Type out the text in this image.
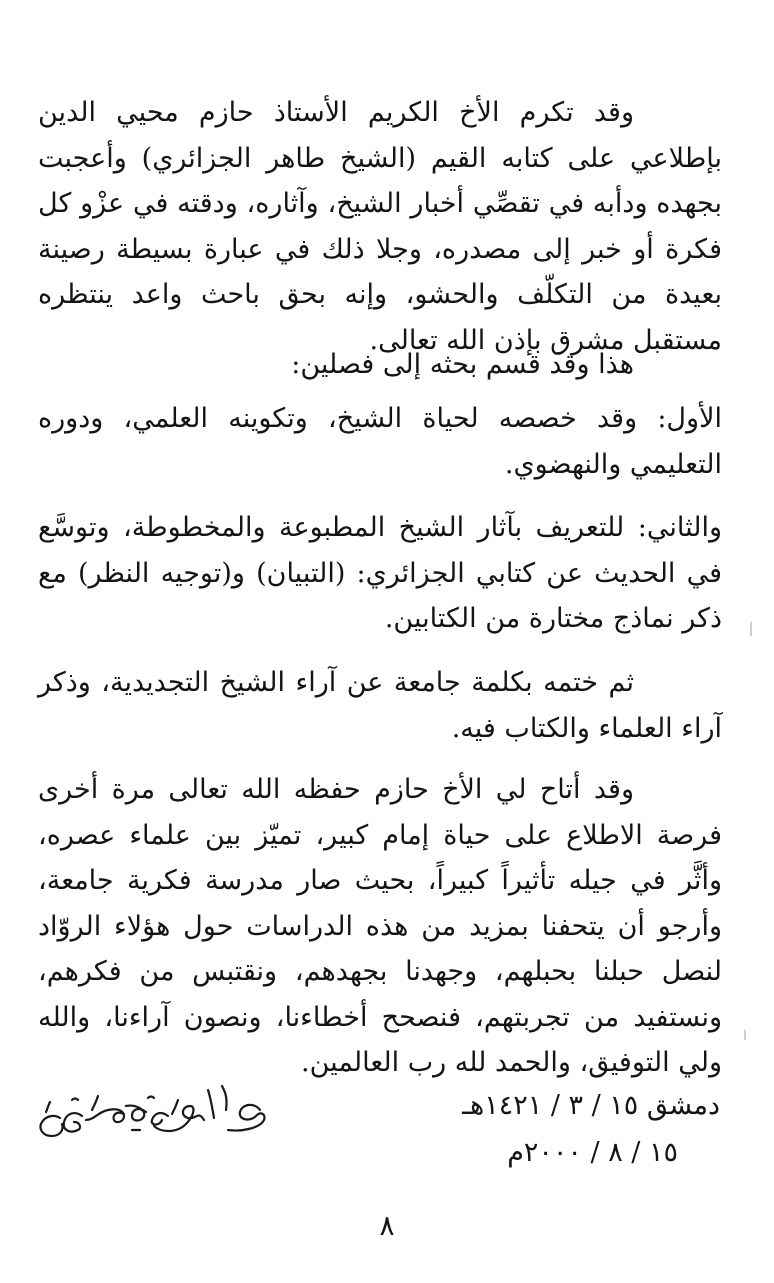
وقد تكرم الأخ الكريم الأستاذ حازم محيي الدين بإطلاعي على كتابه القيم (الشيخ طاهر الجزائري) وأعجبت بجهده ودأبه في تقصِّي أخبار الشيخ، وآثاره، ودقته في عزْو كل فكرة أو خبر إلى مصدره، وجلا ذلك في عبارة بسيطة رصينة بعيدة من التكلّف والحشو، وإنه بحق باحث واعد ينتظره مستقبل مشرق بإذن الله تعالى.

هذا وقد قسم بحثه إلى فصلين:

الأول: وقد خصصه لحياة الشيخ، وتكوينه العلمي، ودوره التعليمي والنهضوي.

والثاني: للتعريف بآثار الشيخ المطبوعة والمخطوطة، وتوسَّع في الحديث عن كتابي الجزائري: (التبيان) و(توجيه النظر) مع ذكر نماذج مختارة من الكتابين.

ثم ختمه بكلمة جامعة عن آراء الشيخ التجديدية، وذكر آراء العلماء والكتاب فيه.

وقد أتاح لي الأخ حازم حفظه الله تعالى مرة أخرى فرصة الاطلاع على حياة إمام كبير، تميّز بين علماء عصره، وأثَّر في جيله تأثيراً كبيراً، بحيث صار مدرسة فكرية جامعة، وأرجو أن يتحفنا بمزيد من هذه الدراسات حول هؤلاء الروّاد لنصل حبلنا بحبلهم، وجهدنا بجهدهم، ونقتبس من فكرهم، ونستفيد من تجربتهم، فنصحح أخطاءنا، ونصون آراءنا، والله ولي التوفيق، والحمد لله رب العالمين.

دمشق ١٥ / ٣ / ١٤٢١هـ
١٥ / ٨ / ٢٠٠٠م
٨
